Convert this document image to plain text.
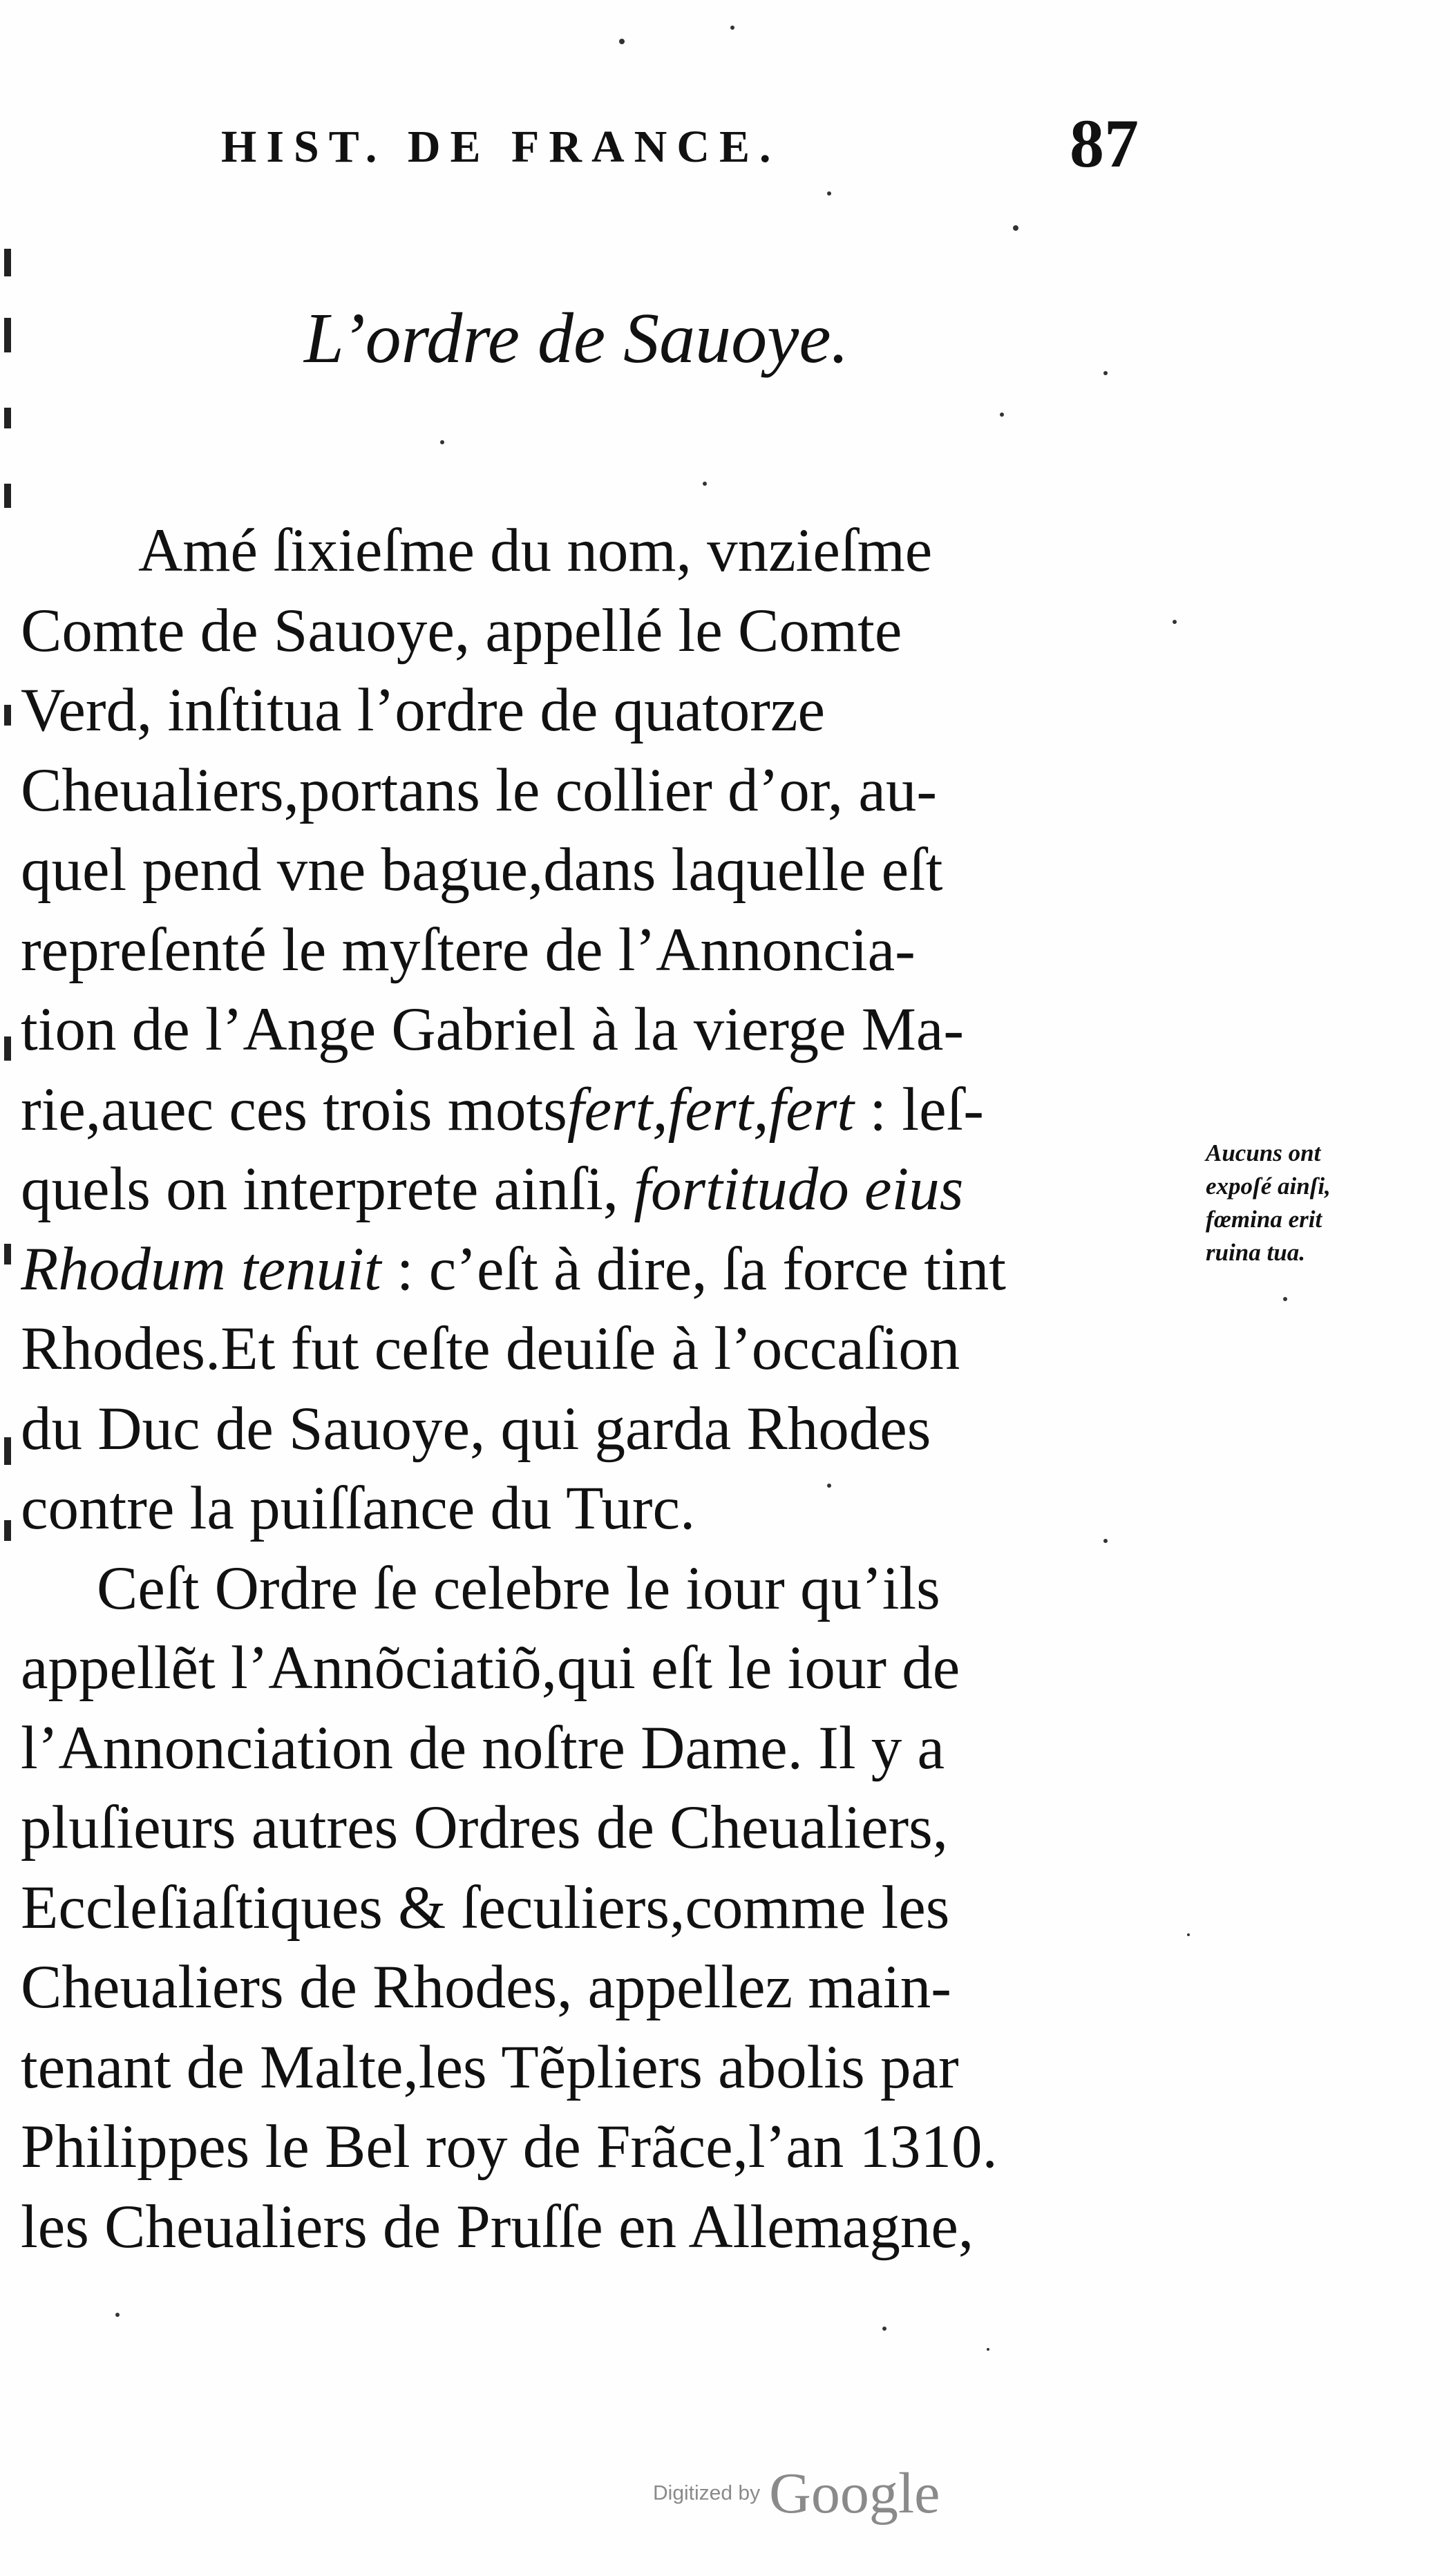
HIST. DE FRANCE.	87
L’ordre de Sauoye.
Amé ſixieſme du nom, vnzieſme
Comte de Sauoye, appellé le Comte
Verd, inſtitua l’ordre de quatorze
Cheualiers,portans le collier d’or, au-
quel pend vne bague,dans laquelle eſt
repreſenté le myſtere de l’Annoncia-
tion de l’Ange Gabriel à la vierge Ma-
rie,auec ces trois motsfert,fert,fert : leſ-
quels on interprete ainſi, fortitudo eius
Rhodum tenuit : c’eſt à dire, ſa force tint
Rhodes.Et fut ceſte deuiſe à l’occaſion
du Duc de Sauoye, qui garda Rhodes
contre la puiſſance du Turc.
Ceſt Ordre ſe celebre le iour qu’ils
appellẽt l’Annõciatiõ,qui eſt le iour de
l’Annonciation de noſtre Dame. Il y a
pluſieurs autres Ordres de Cheualiers,
Eccleſiaſtiques & ſeculiers,comme les
Cheualiers de Rhodes, appellez main-
tenant de Malte,les Tẽpliers abolis par
Philippes le Bel roy de Frãce,l’an 1310.
les Cheualiers de Pruſſe en Allemagne,
Aucuns ont
expoſé ainſi,
fœmina erit
ruina tua.
Digitized by Google
